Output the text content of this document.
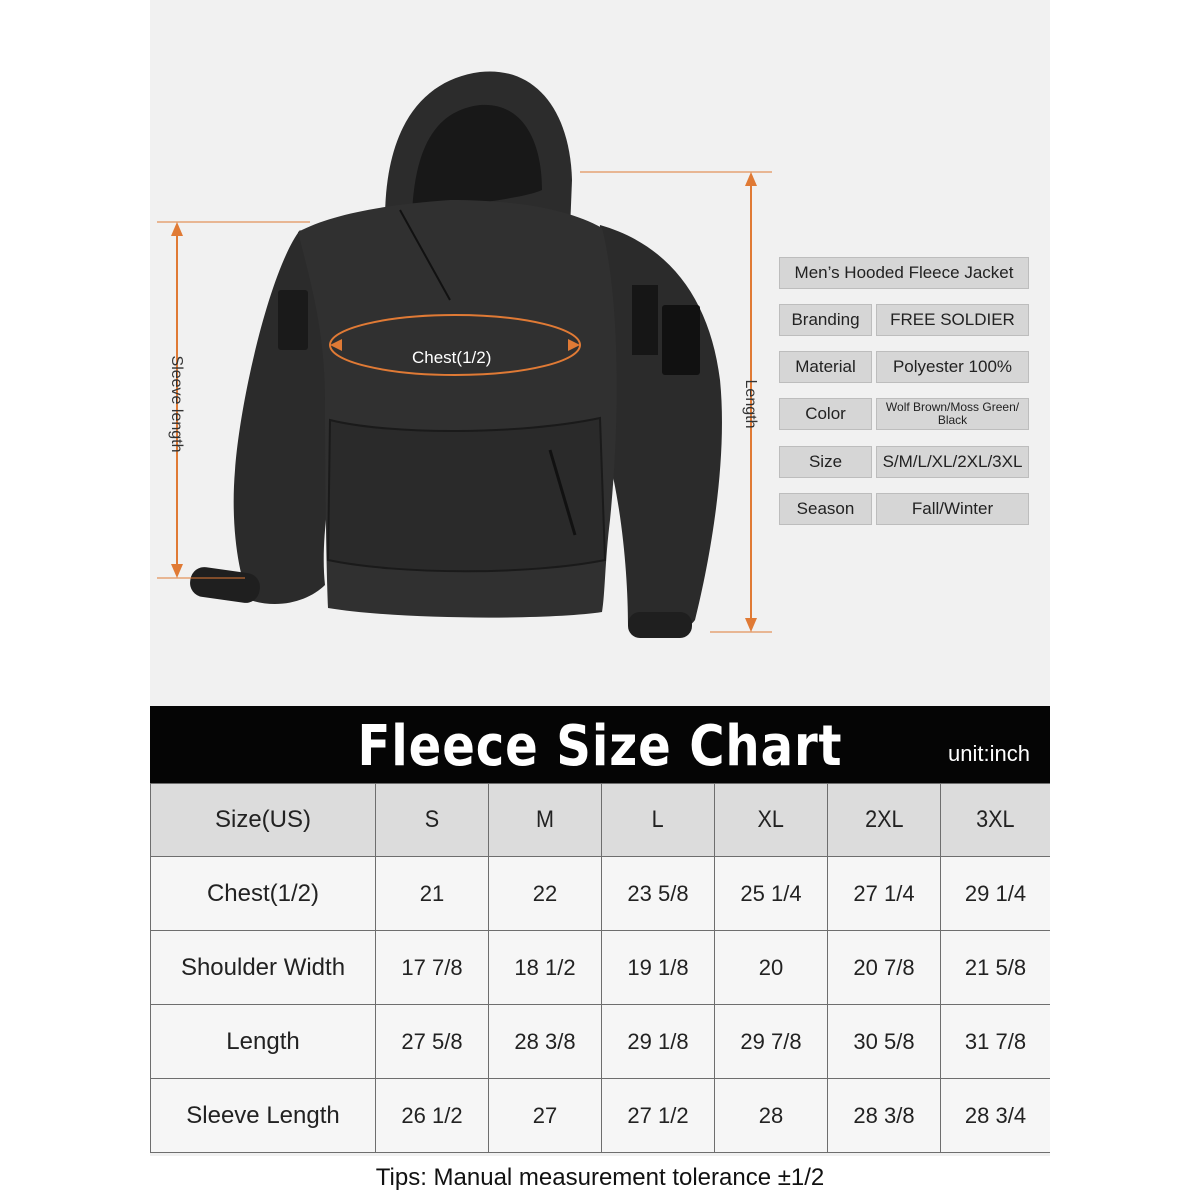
Sleeve length	Chest(1/2)
Length
Men’s Hooded Fleece Jacket
Branding	FREE SOLDIER
Material	Polyester 100%
Color	Wolf Brown/Moss Green/ Black
Size	S/M/L/XL/2XL/3XL
Season	Fall/Winter
Fleece Size Chart	unit:inch
Size(US)	S	M	L	XL	2XL	3XL
Chest(1/2)	21	22	23 5/8	25 1/4	27 1/4	29 1/4
Shoulder Width	17 7/8	18 1/2	19 1/8	20	20 7/8	21 5/8
Length	27 5/8	28 3/8	29 1/8	29 7/8	30 5/8	31 7/8
Sleeve Length	26 1/2	27	27 1/2	28	28 3/8	28 3/4
Tips: Manual measurement tolerance ±1/2
